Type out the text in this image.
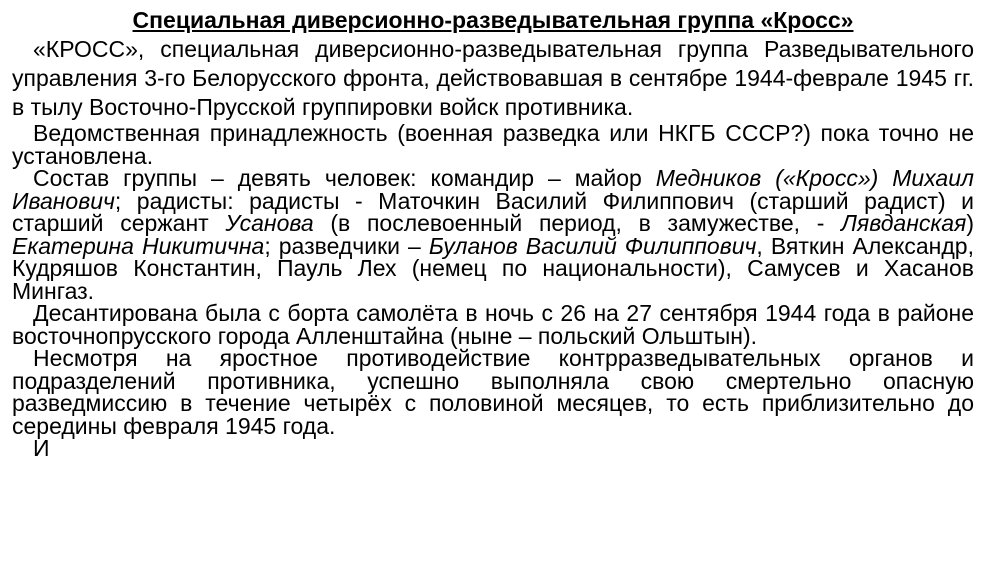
Специальная диверсионно-разведывательная группа «Кросс»

«КРОСС», специальная диверсионно-разведывательная группа Разведывательного управления 3-го Белорусского фронта, действовавшая в сентябре 1944-феврале 1945 гг. в тылу Восточно-Прусской группировки войск противника.

Ведомственная принадлежность (военная разведка или НКГБ СССР?) пока точно не установлена.

Состав группы – девять человек: командир – майор Медников («Кросс») Михаил Иванович; радисты: радисты - Маточкин Василий Филиппович (старший радист) и старший сержант Усанова (в послевоенный период, в замужестве, - Лявданская) Екатерина Никитична; разведчики – Буланов Василий Филиппович, Вяткин Александр, Кудряшов Константин, Пауль Лех (немец по национальности), Самусев и Хасанов Мингаз.

Десантирована была с борта самолёта в ночь с 26 на 27 сентября 1944 года в районе восточнопрусского города Алленштайна (ныне – польский Ольштын).

Несмотря на яростное противодействие контрразведывательных органов и подразделений противника, успешно выполняла свою смертельно опасную разведмиссию в течение четырёх с половиной месяцев, то есть приблизительно до середины февраля 1945 года.

И
